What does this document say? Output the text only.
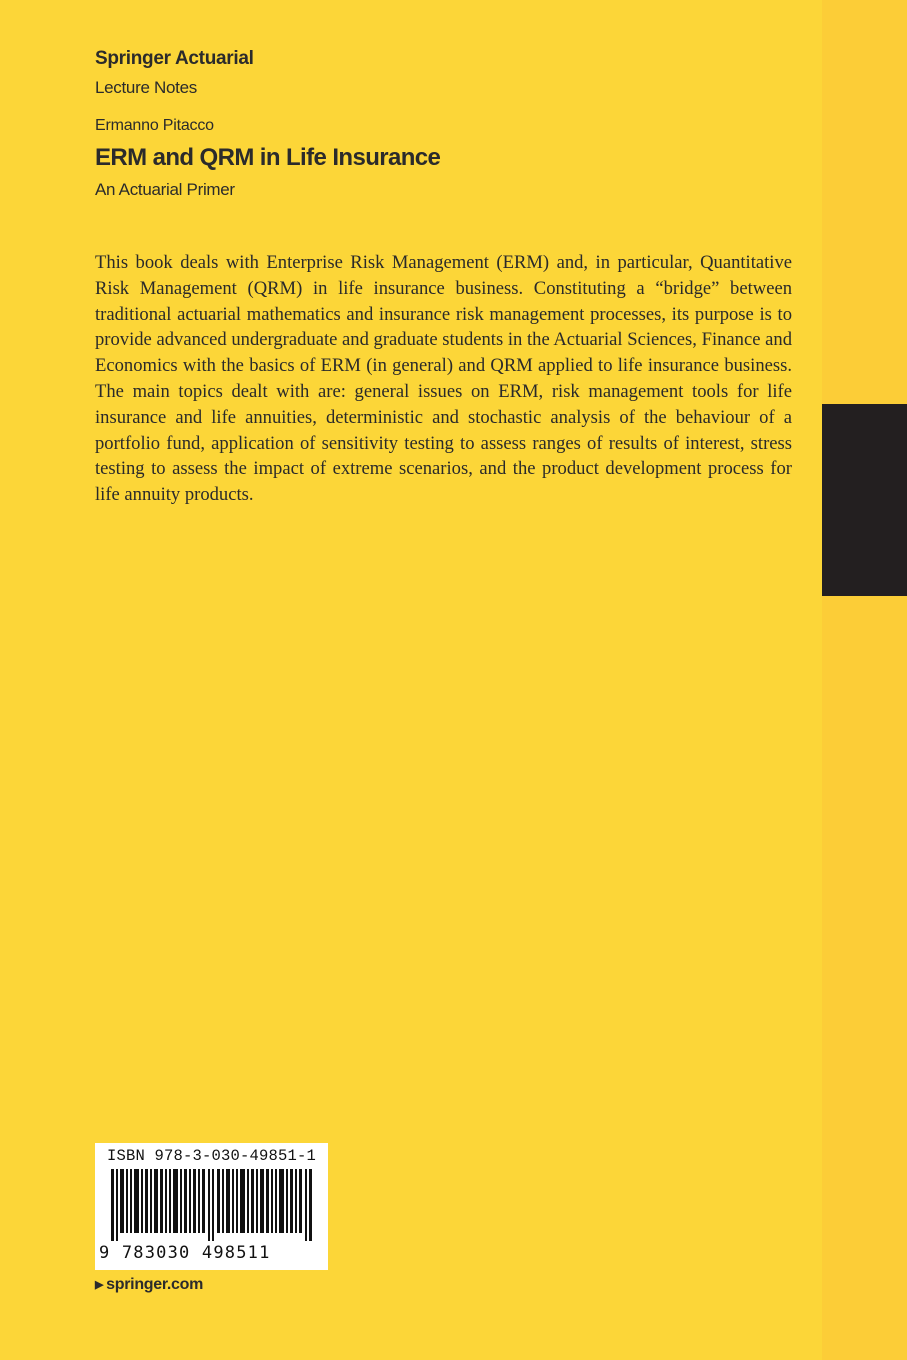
Springer Actuarial
Lecture Notes
Ermanno Pitacco
ERM and QRM in Life Insurance
An Actuarial Primer

This book deals with Enterprise Risk Management (ERM) and, in particular, Quantitative Risk Management (QRM) in life insurance business. Constituting a “bridge” between traditional actuarial mathematics and insurance risk management processes, its purpose is to provide advanced undergraduate and graduate students in the Actuarial Sciences, Finance and Economics with the basics of ERM (in general) and QRM applied to life insurance business. The main topics dealt with are: general issues on ERM, risk management tools for life insurance and life annuities, deterministic and stochastic analysis of the behaviour of a portfolio fund, application of sensitivity testing to assess ranges of results of interest, stress testing to assess the impact of extreme scenarios, and the product development process for life annuity products.

ISBN 978-3-030-49851-1
9 783030 498511
▶ springer.com
